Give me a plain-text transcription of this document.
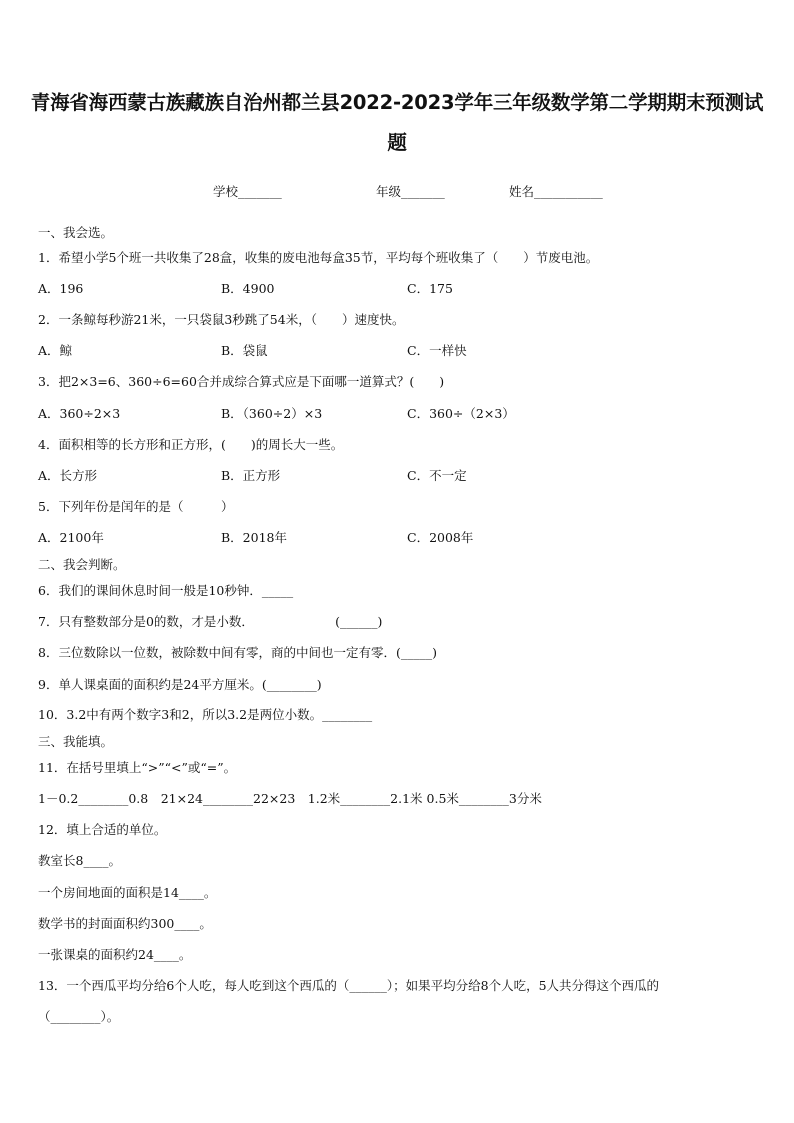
青海省海西蒙古族藏族自治州都兰县2022-2023学年三年级数学第二学期期末预测试
题
学校_______	年级_______	姓名___________
一、我会选。
1．希望小学5个班一共收集了28盒，收集的废电池每盒35节，平均每个班收集了（　　）节废电池。
A．196	B．4900	C．175
2．一条鲸每秒游21米，一只袋鼠3秒跳了54米，（　　）速度快。
A．鲸	B．袋鼠	C．一样快
3．把2×3=6、360÷6=60合并成综合算式应是下面哪一道算式？(　　)
A．360÷2×3	B．（360÷2）×3	C．360÷（2×3）
4．面积相等的长方形和正方形，(　　)的周长大一些。
A．长方形	B．正方形	C．不一定
5．下列年份是闰年的是（　　　）
A．2100年	B．2018年	C．2008年
二、我会判断。
6．我们的课间休息时间一般是10秒钟．_____
7．只有整数部分是0的数，才是小数．　　　　　　　(______)
8．三位数除以一位数，被除数中间有零，商的中间也一定有零．(_____)
9．单人课桌面的面积约是24平方厘米。(________)
10．3.2中有两个数字3和2，所以3.2是两位小数。________
三、我能填。
11．在括号里填上“>”“<”或“=”。
1－0.2________0.8　21×24________22×23　1.2米________2.1米 0.5米________3分米
12．填上合适的单位。
教室长8____。
一个房间地面的面积是14____。
数学书的封面面积约300____。
一张课桌的面积约24____。
13．一个西瓜平均分给6个人吃，每人吃到这个西瓜的（______）；如果平均分给8个人吃，5人共分得这个西瓜的
（________）。
